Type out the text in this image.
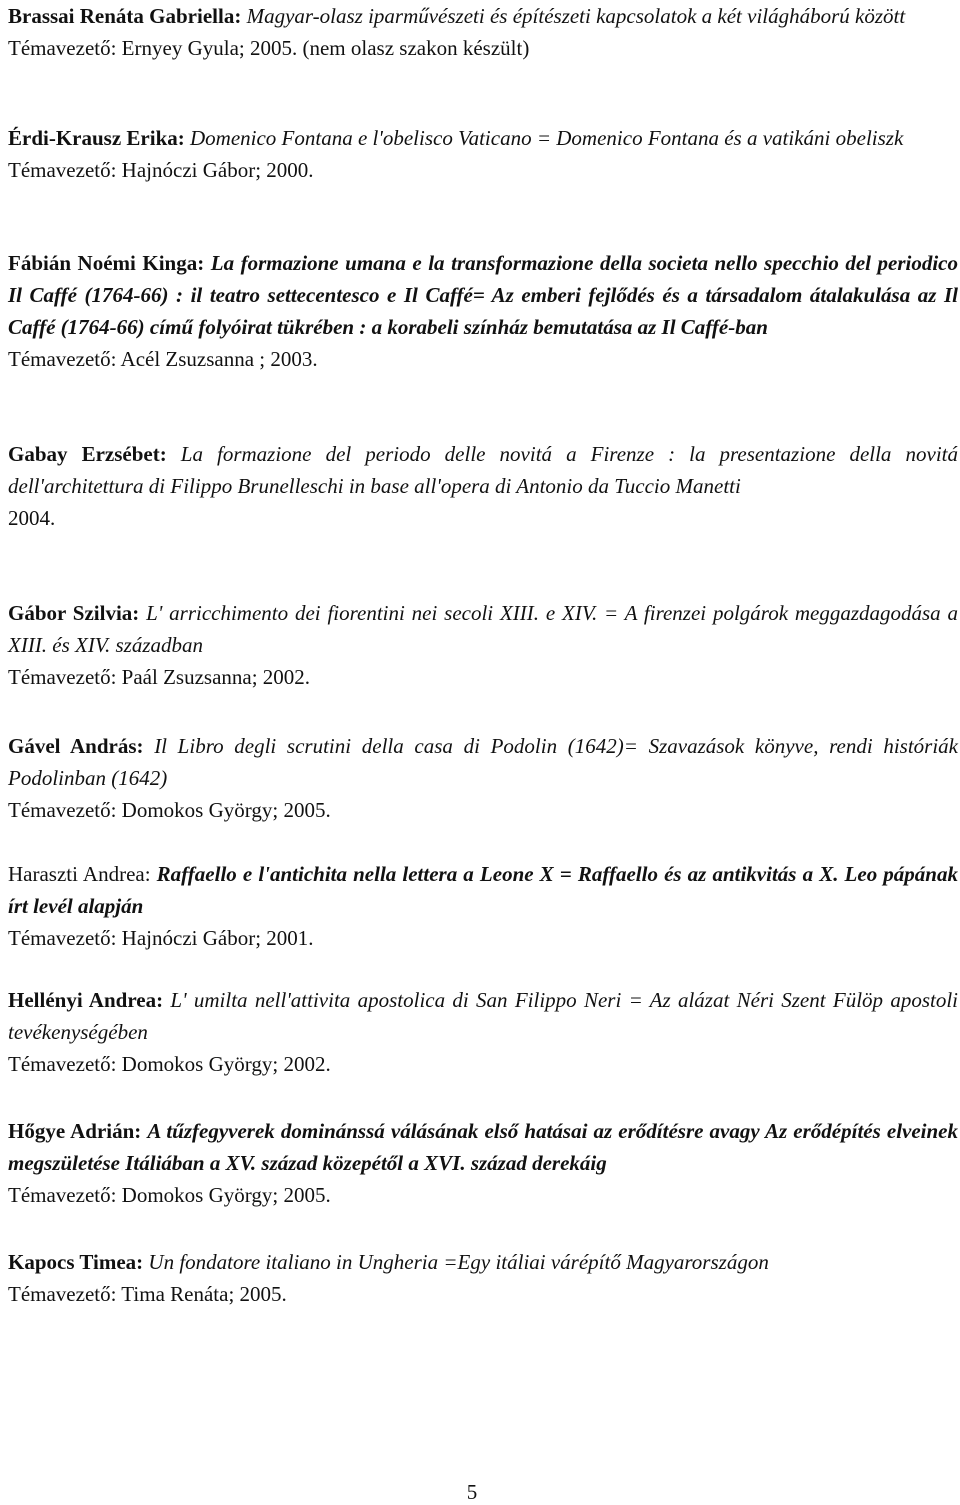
Brassai Renáta Gabriella: Magyar-olasz iparművészeti és építészeti kapcsolatok a két világháború között
Témavezető: Ernyey Gyula; 2005. (nem olasz szakon készült)
Érdi-Krausz Erika: Domenico Fontana e l'obelisco Vaticano = Domenico Fontana és a vatikáni obeliszk
Témavezető: Hajnóczi Gábor; 2000.
Fábián Noémi Kinga: La formazione umana e la transformazione della societa nello specchio del periodico Il Caffé (1764-66) : il teatro settecentesco e Il Caffé= Az emberi fejlődés és a társadalom átalakulása az Il Caffé (1764-66) című folyóirat tükrében : a korabeli színház bemutatása az Il Caffé-ban
Témavezető: Acél Zsuzsanna ; 2003.
Gabay Erzsébet: La formazione del periodo delle novitá a Firenze : la presentazione della novitá dell'architettura di Filippo Brunelleschi in base all'opera di Antonio da Tuccio Manetti
2004.
Gábor Szilvia: L' arricchimento dei fiorentini nei secoli XIII. e XIV. = A firenzei polgárok meggazdagodása a XIII. és XIV. században
Témavezető: Paál Zsuzsanna; 2002.
Gável András: Il Libro degli scrutini della casa di Podolin (1642)= Szavazások könyve, rendi históriák Podolinban (1642)
Témavezető: Domokos György; 2005.
Haraszti Andrea: Raffaello e l'antichita nella lettera a Leone X = Raffaello és az antikvitás a X. Leo pápának írt levél alapján
Témavezető: Hajnóczi Gábor; 2001.
Hellényi Andrea: L' umilta nell'attivita apostolica di San Filippo Neri = Az alázat Néri Szent Fülöp apostoli tevékenységében
Témavezető: Domokos György; 2002.
Hőgye Adrián: A tűzfegyverek dominánssá válásának első hatásai az erődítésre avagy Az erődépítés elveinek megszületése Itáliában a XV. század közepétől a XVI. század derekáig
Témavezető: Domokos György; 2005.
Kapocs Timea: Un fondatore italiano in Ungheria =Egy itáliai várépítő Magyarországon
Témavezető: Tima Renáta; 2005.
5
